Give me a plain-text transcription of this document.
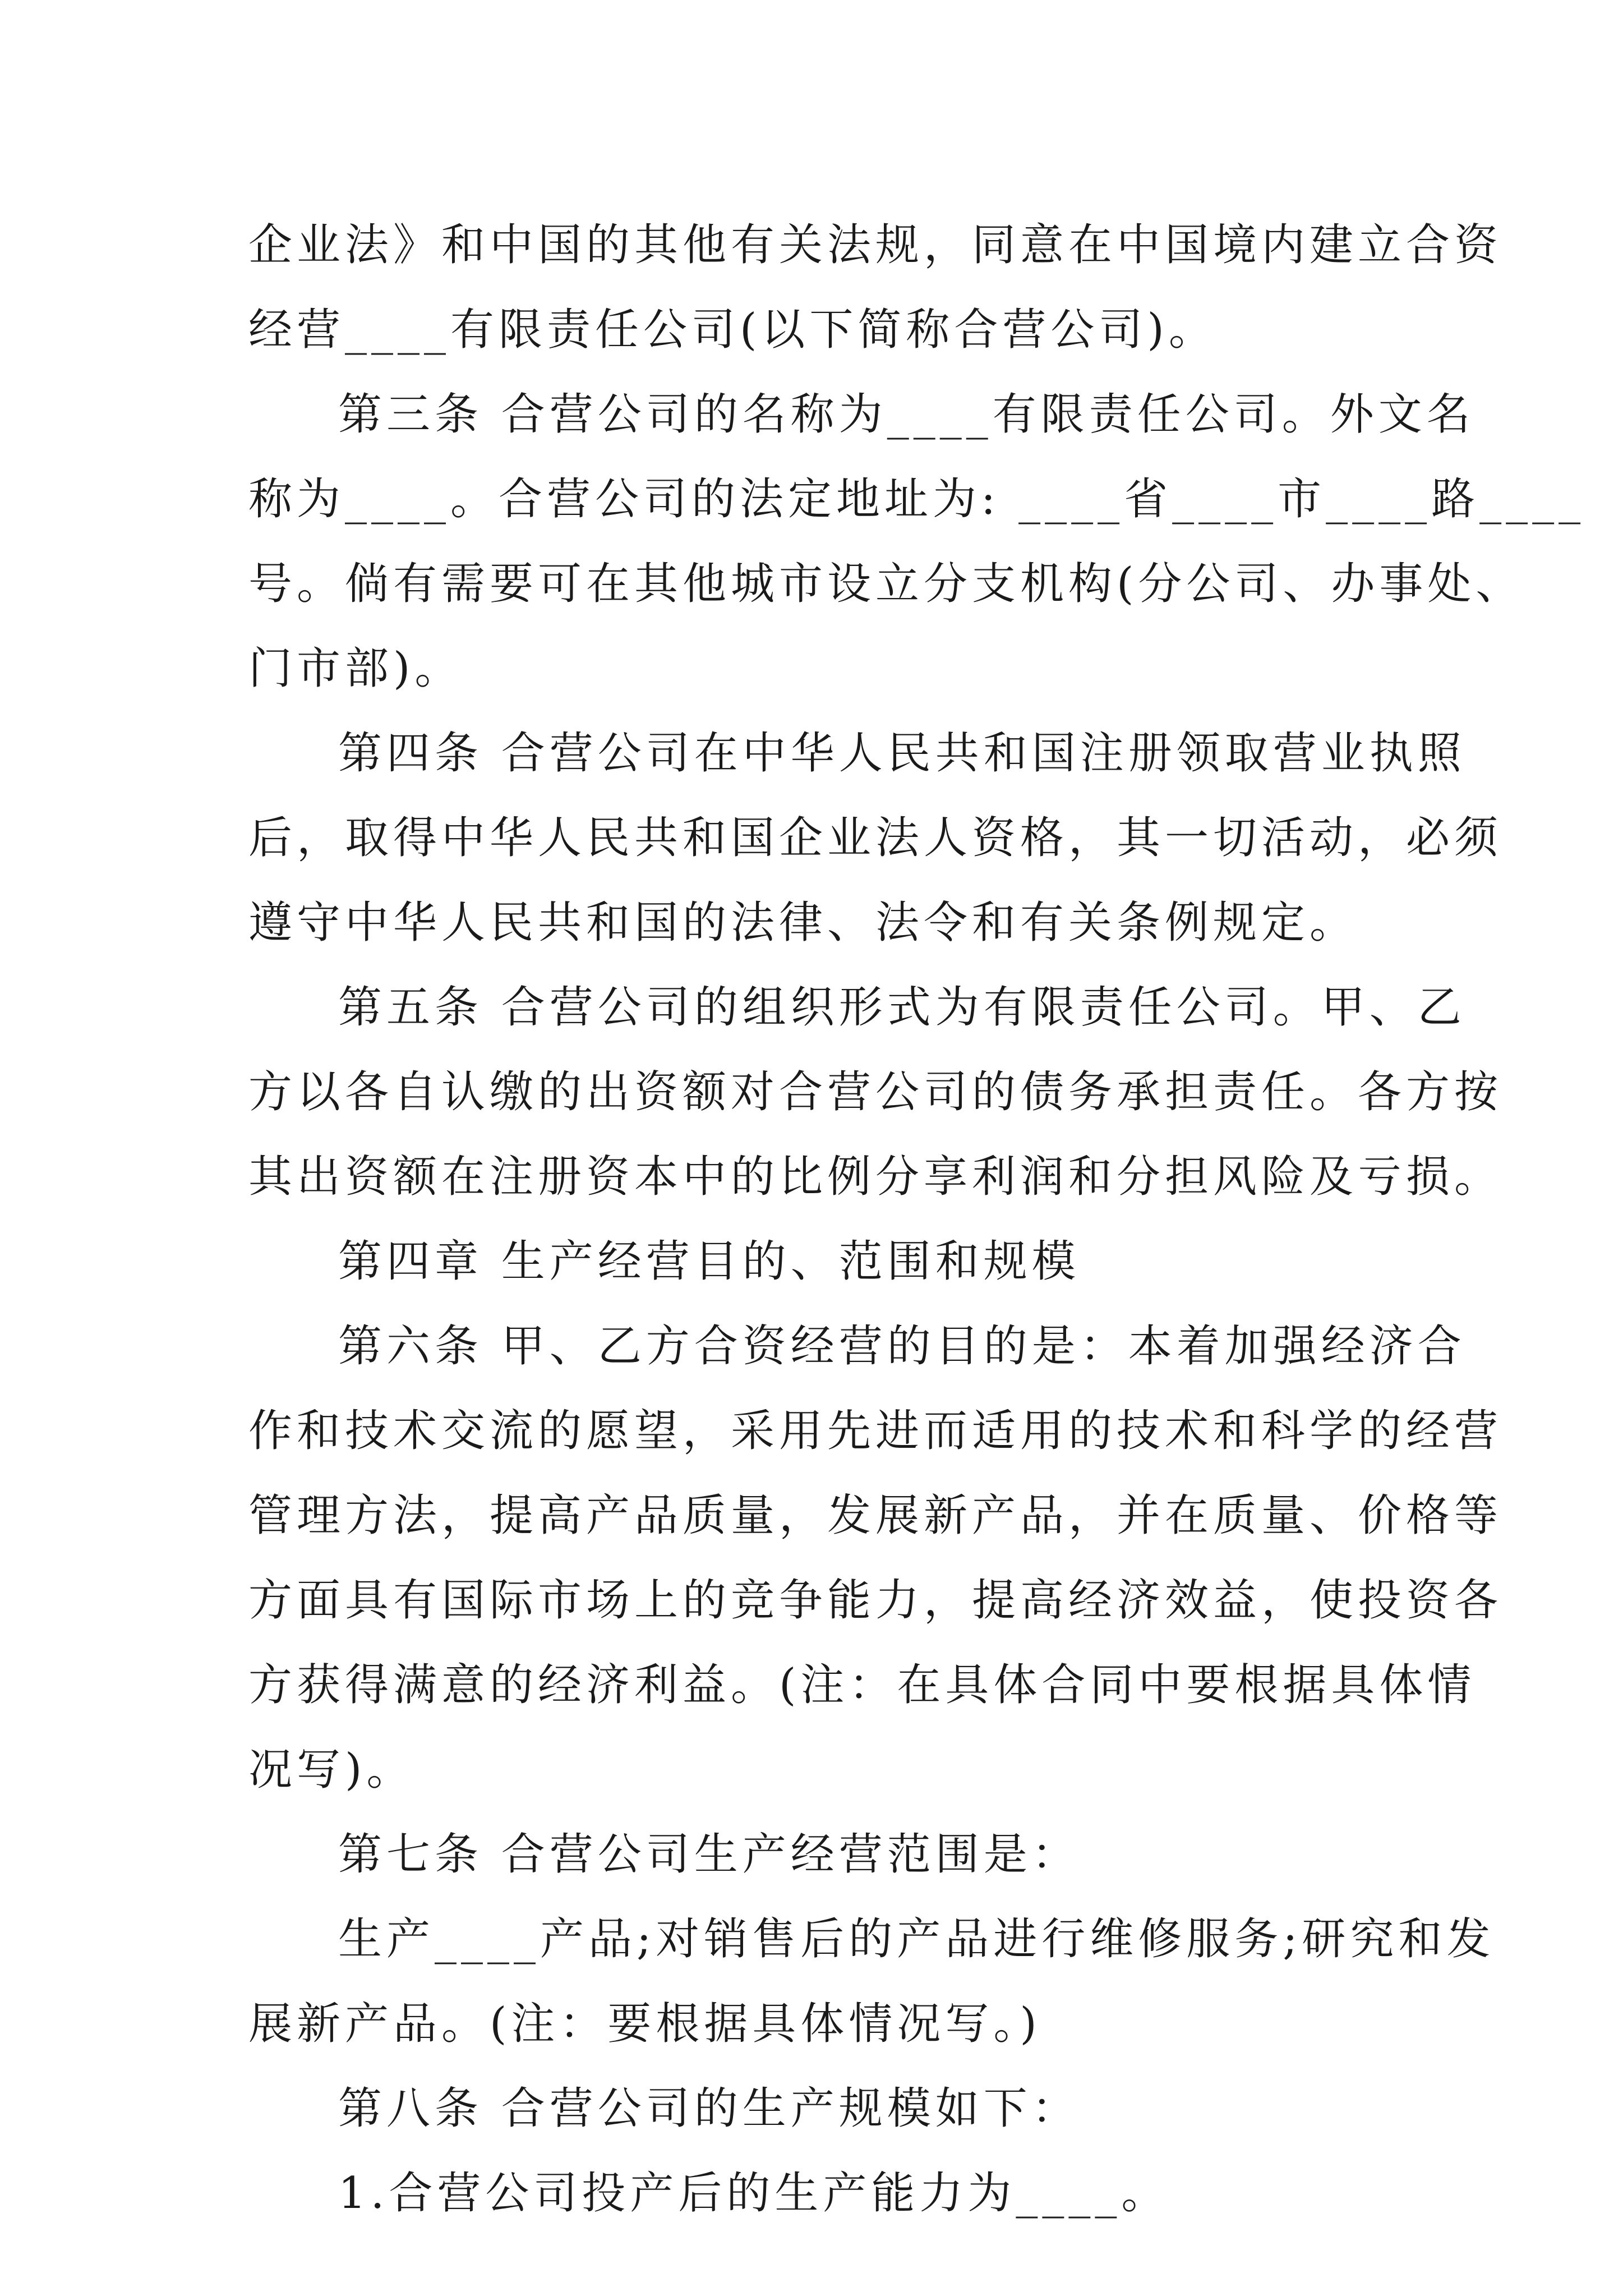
企业法》和中国的其他有关法规，同意在中国境内建立合资
经营____有限责任公司(以下简称合营公司)。
第三条 合营公司的名称为____有限责任公司。外文名
称为____。合营公司的法定地址为: ____省____市____路____
号。倘有需要可在其他城市设立分支机构(分公司、办事处、
门市部)。
第四条 合营公司在中华人民共和国注册领取营业执照
后，取得中华人民共和国企业法人资格，其一切活动，必须
遵守中华人民共和国的法律、法令和有关条例规定。
第五条 合营公司的组织形式为有限责任公司。甲、乙
方以各自认缴的出资额对合营公司的债务承担责任。各方按
其出资额在注册资本中的比例分享利润和分担风险及亏损。
第四章 生产经营目的、范围和规模
第六条 甲、乙方合资经营的目的是：本着加强经济合
作和技术交流的愿望，采用先进而适用的技术和科学的经营
管理方法，提高产品质量，发展新产品，并在质量、价格等
方面具有国际市场上的竞争能力，提高经济效益，使投资各
方获得满意的经济利益。(注：在具体合同中要根据具体情
况写)。
第七条 合营公司生产经营范围是：
生产____产品;对销售后的产品进行维修服务;研究和发
展新产品。(注：要根据具体情况写。)
第八条 合营公司的生产规模如下：
1.合营公司投产后的生产能力为____。
